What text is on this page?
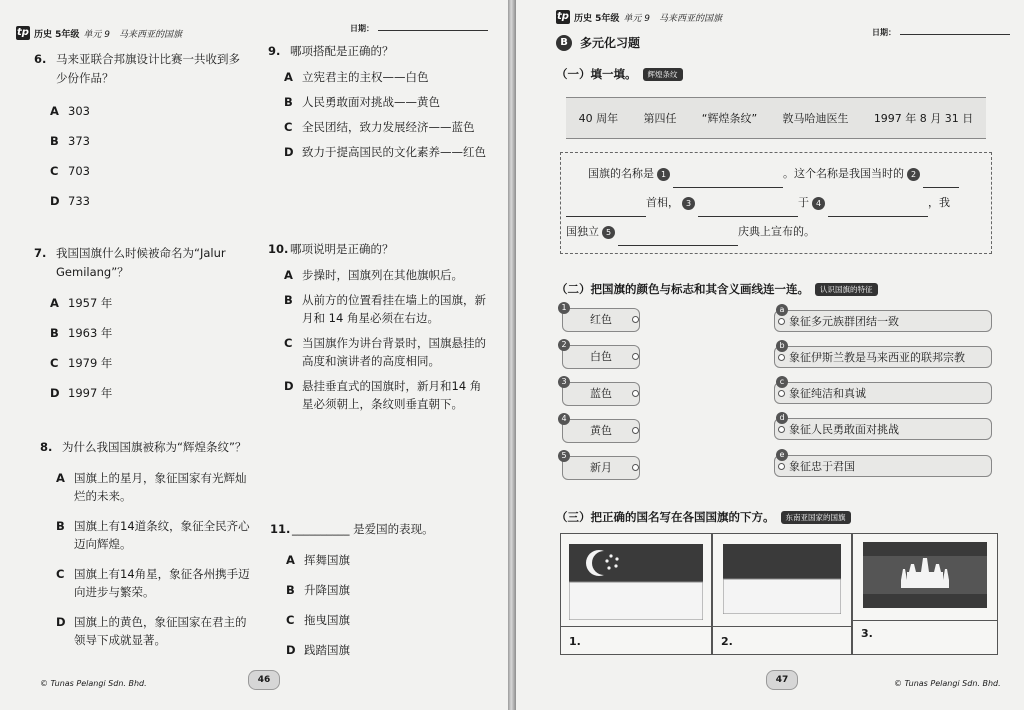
tp 历史 5年级 单元 9　马来西亚的国旗
日期：
6. 马来亚联合邦旗设计比赛一共收到多少份作品？
A 303
B 373
C 703
D 733
7. 我国国旗什么时候被命名为“Jalur Gemilang”？
A 1957 年
B 1963 年
C 1979 年
D 1997 年
8. 为什么我国国旗被称为“辉煌条纹”？
A 国旗上的星月，象征国家有光辉灿烂的未来。
B 国旗上有14道条纹，象征全民齐心迈向辉煌。
C 国旗上有14角星，象征各州携手迈向进步与繁荣。
D 国旗上的黄色，象征国家在君主的领导下成就显著。
9. 哪项搭配是正确的？
A 立宪君主的主权——白色
B 人民勇敢面对挑战——黄色
C 全民团结，致力发展经济——蓝色
D 致力于提高国民的文化素养——红色
10. 哪项说明是正确的？
A 步操时，国旗列在其他旗帜后。
B 从前方的位置看挂在墙上的国旗，新月和 14 角星必须在右边。
C 当国旗作为讲台背景时，国旗悬挂的高度和演讲者的高度相同。
D 悬挂垂直式的国旗时，新月和14 角星必须朝上，条纹则垂直朝下。
11. __________ 是爱国的表现。
A 挥舞国旗
B 升降国旗
C 拖曳国旗
D 践踏国旗
© Tunas Pelangi Sdn. Bhd.	46
tp 历史 5年级 单元 9　马来西亚的国旗
日期：
B	多元化习题
（一）填一填。	辉煌条纹
40 周年 第四任 “辉煌条纹” 敦马哈迪医生 1997 年 8 月 31 日
国旗的名称是 1	。这个名称是我国当时的 2
首相， 3	于 4	，我
国独立 5	庆典上宣布的。
（二）把国旗的颜色与标志和其含义画线连一连。	认识国旗的特征
红色
1
白色
2
蓝色
3
黄色
4
新月
5
象征多元族群团结一致
a
象征伊斯兰教是马来西亚的联邦宗教
b
象征纯洁和真诚
c
象征人民勇敢面对挑战
d
象征忠于君国
e
（三）把正确的国名写在各国国旗的下方。	东南亚国家的国旗
1.	2.
3.
47	© Tunas Pelangi Sdn. Bhd.
